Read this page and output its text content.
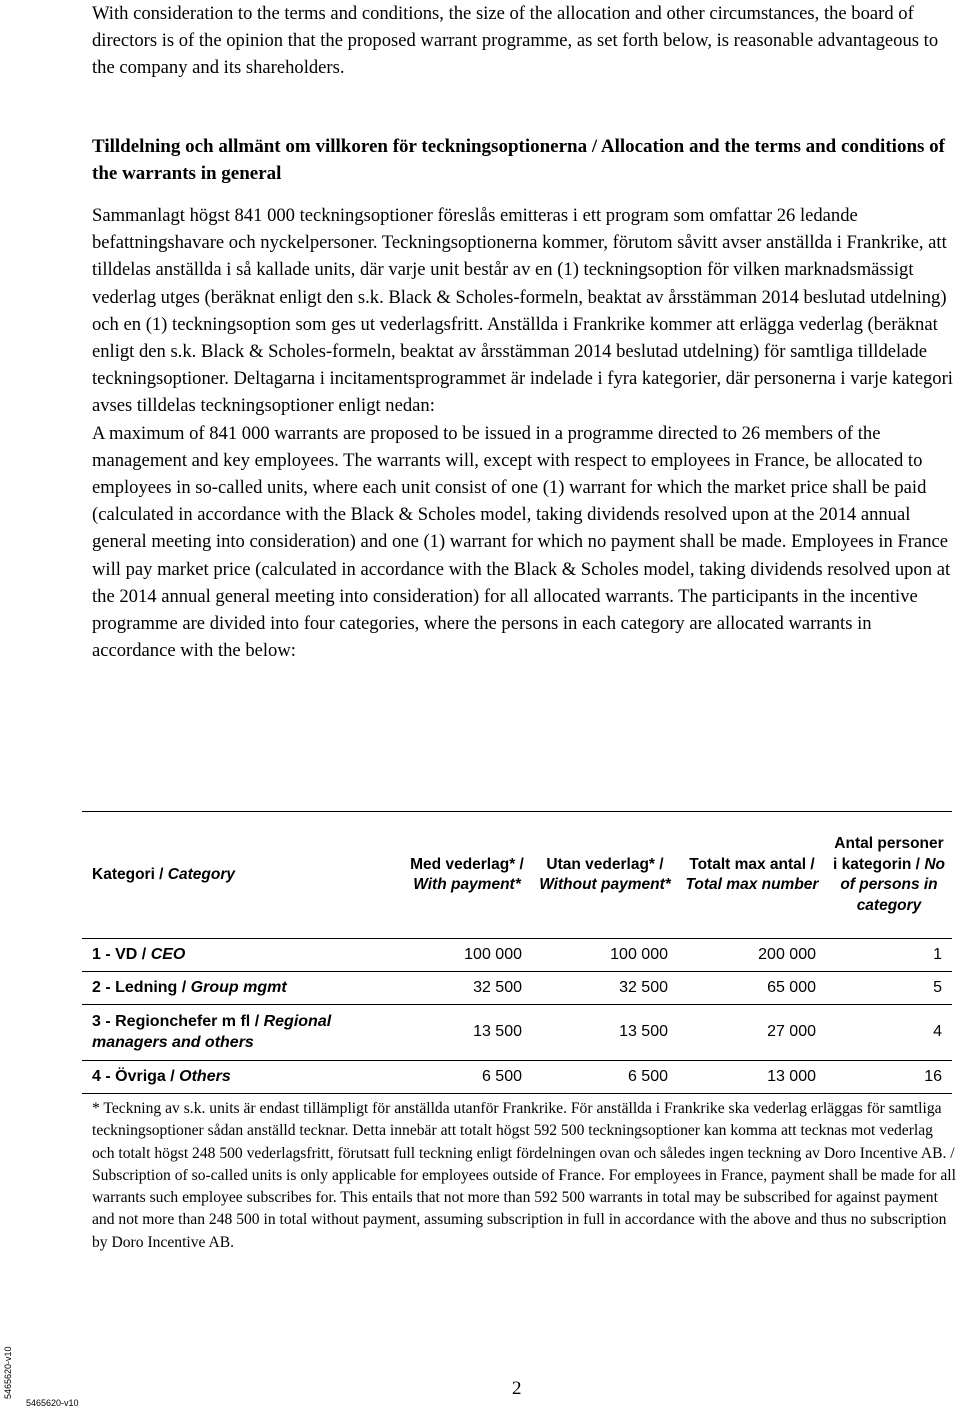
With consideration to the terms and conditions, the size of the allocation and other circumstances, the board of directors is of the opinion that the proposed warrant programme, as set forth below, is reasonable advantageous to the company and its shareholders.

Tilldelning och allmänt om villkoren för teckningsoptionerna / Allocation and the terms and conditions of the warrants in general

Sammanlagt högst 841 000 teckningsoptioner föreslås emitteras i ett program som omfattar 26 ledande befattningshavare och nyckelpersoner. Teckningsoptionerna kommer, förutom såvitt avser anställda i Frankrike, att tilldelas anställda i så kallade units, där varje unit består av en (1) teckningsoption för vilken marknadsmässigt vederlag utges (beräknat enligt den s.k. Black & Scholes-formeln, beaktat av årsstämman 2014 beslutad utdelning) och en (1) teckningsoption som ges ut vederlagsfritt. Anställda i Frankrike kommer att erlägga vederlag (beräknat enligt den s.k. Black & Scholes-formeln, beaktat av årsstämman 2014 beslutad utdelning) för samtliga tilldelade teckningsoptioner. Deltagarna i incitamentsprogrammet är indelade i fyra kategorier, där personerna i varje kategori avses tilldelas teckningsoptioner enligt nedan:
A maximum of 841 000 warrants are proposed to be issued in a programme directed to 26 members of the management and key employees. The warrants will, except with respect to employees in France, be allocated to employees in so-called units, where each unit consist of one (1) warrant for which the market price shall be paid (calculated in accordance with the Black & Scholes model, taking dividends resolved upon at the 2014 annual general meeting into consideration) and one (1) warrant for which no payment shall be made. Employees in France will pay market price (calculated in accordance with the Black & Scholes model, taking dividends resolved upon at the 2014 annual general meeting into consideration) for all allocated warrants. The participants in the incentive programme are divided into four categories, where the persons in each category are allocated warrants in accordance with the below:

Kategori / Category	Med vederlag* / With payment*	Utan vederlag* / Without payment*	Totalt max antal / Total max number	Antal personer i kategorin / No of persons in category
1 - VD / CEO	100 000	100 000	200 000	1
2 - Ledning / Group mgmt	32 500	32 500	65 000	5
3 - Regionchefer m fl / Regional managers and others	13 500	13 500	27 000	4
4 - Övriga / Others	6 500	6 500	13 000	16

* Teckning av s.k. units är endast tillämpligt för anställda utanför Frankrike. För anställda i Frankrike ska vederlag erläggas för samtliga teckningsoptioner sådan anställd tecknar. Detta innebär att totalt högst 592 500 teckningsoptioner kan komma att tecknas mot vederlag och totalt högst 248 500 vederlagsfritt, förutsatt full teckning enligt fördelningen ovan och således ingen teckning av Doro Incentive AB. / Subscription of so-called units is only applicable for employees outside of France. For employees in France, payment shall be made for all warrants such employee subscribes for. This entails that not more than 592 500 warrants in total may be subscribed for against payment and not more than 248 500 in total without payment, assuming subscription in full in accordance with the above and thus no subscription by Doro Incentive AB.

2
5465620-v10
5465620-v10
